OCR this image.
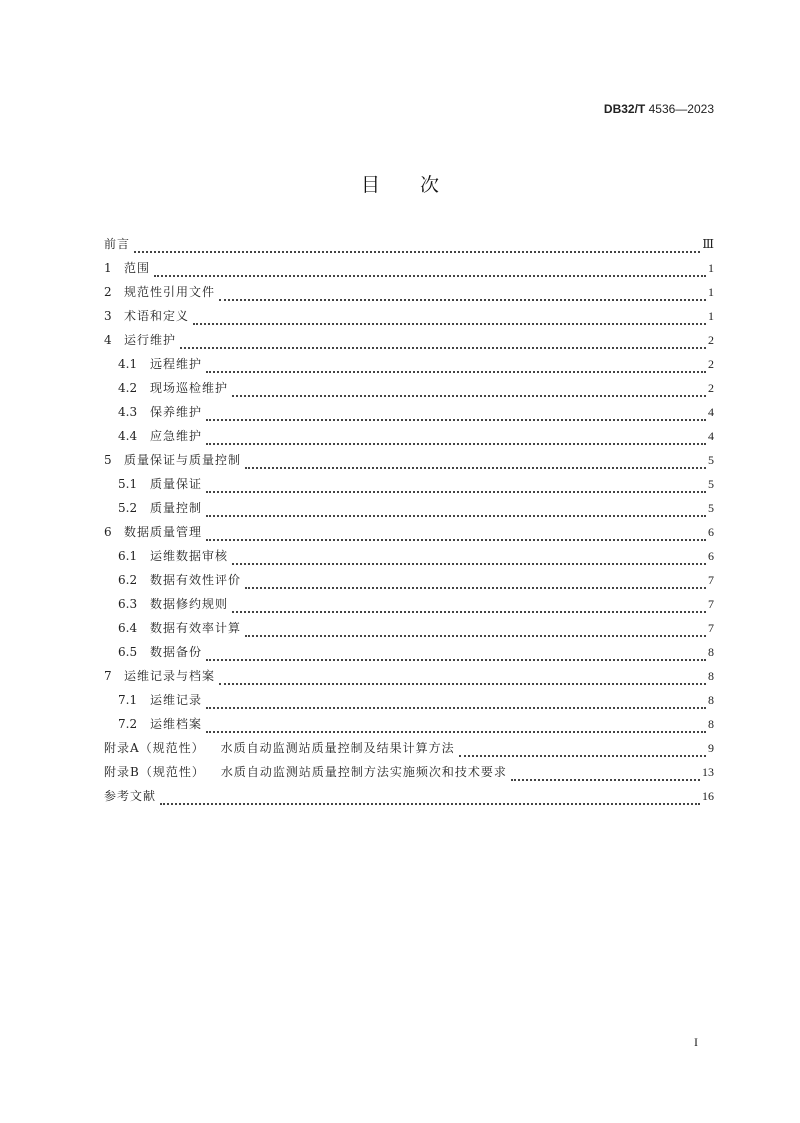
DB32/T 4536—2023
目次
前言	Ⅲ
1	范围	1
2	规范性引用文件	1
3	术语和定义	1
4	运行维护	2
4.1	远程维护	2
4.2	现场巡检维护	2
4.3	保养维护	4
4.4	应急维护	4
5	质量保证与质量控制	5
5.1	质量保证	5
5.2	质量控制	5
6	数据质量管理	6
6.1	运维数据审核	6
6.2	数据有效性评价	7
6.3	数据修约规则	7
6.4	数据有效率计算	7
6.5	数据备份	8
7	运维记录与档案	8
7.1	运维记录	8
7.2	运维档案	8
附录A（规范性） 水质自动监测站质量控制及结果计算方法	9
附录B（规范性） 水质自动监测站质量控制方法实施频次和技术要求	13
参考文献	16
I
